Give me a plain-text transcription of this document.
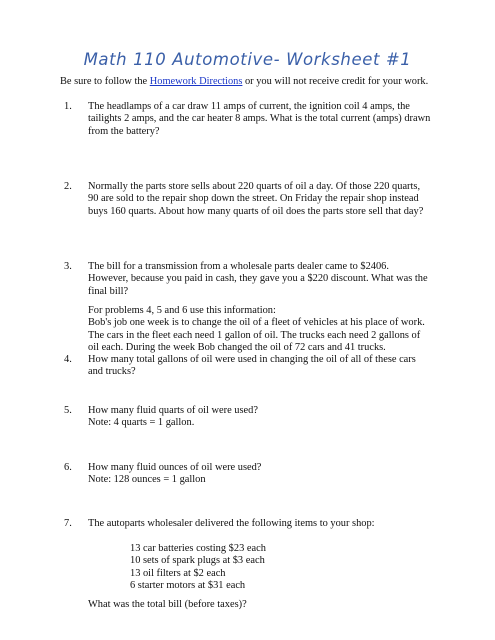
Math 110 Automotive- Worksheet #1

Be sure to follow the Homework Directions or you will not receive credit for your work.

1. The headlamps of a car draw 11 amps of current, the ignition coil 4 amps, the

tailights 2 amps, and the car heater 8 amps. What is the total current (amps) drawn

from the battery?

2. Normally the parts store sells about 220 quarts of oil a day. Of those 220 quarts,

90 are sold to the repair shop down the street. On Friday the repair shop instead

buys 160 quarts. About how many quarts of oil does the parts store sell that day?

3. The bill for a transmission from a wholesale parts dealer came to $2406.

However, because you paid in cash, they gave you a $220 discount. What was the

final bill?

For problems 4, 5 and 6 use this information:

Bob's job one week is to change the oil of a fleet of vehicles at his place of work.

The cars in the fleet each need 1 gallon of oil. The trucks each need 2 gallons of

oil each. During the week Bob changed the oil of 72 cars and 41 trucks.

4. How many total gallons of oil were used in changing the oil of all of these cars

and trucks?

5. How many fluid quarts of oil were used?

Note: 4 quarts = 1 gallon.

6. How many fluid ounces of oil were used?

Note: 128 ounces = 1 gallon

7. The autoparts wholesaler delivered the following items to your shop:

13 car batteries costing $23 each
10 sets of spark plugs at $3 each
13 oil filters at $2 each
6 starter motors at $31 each

What was the total bill (before taxes)?
